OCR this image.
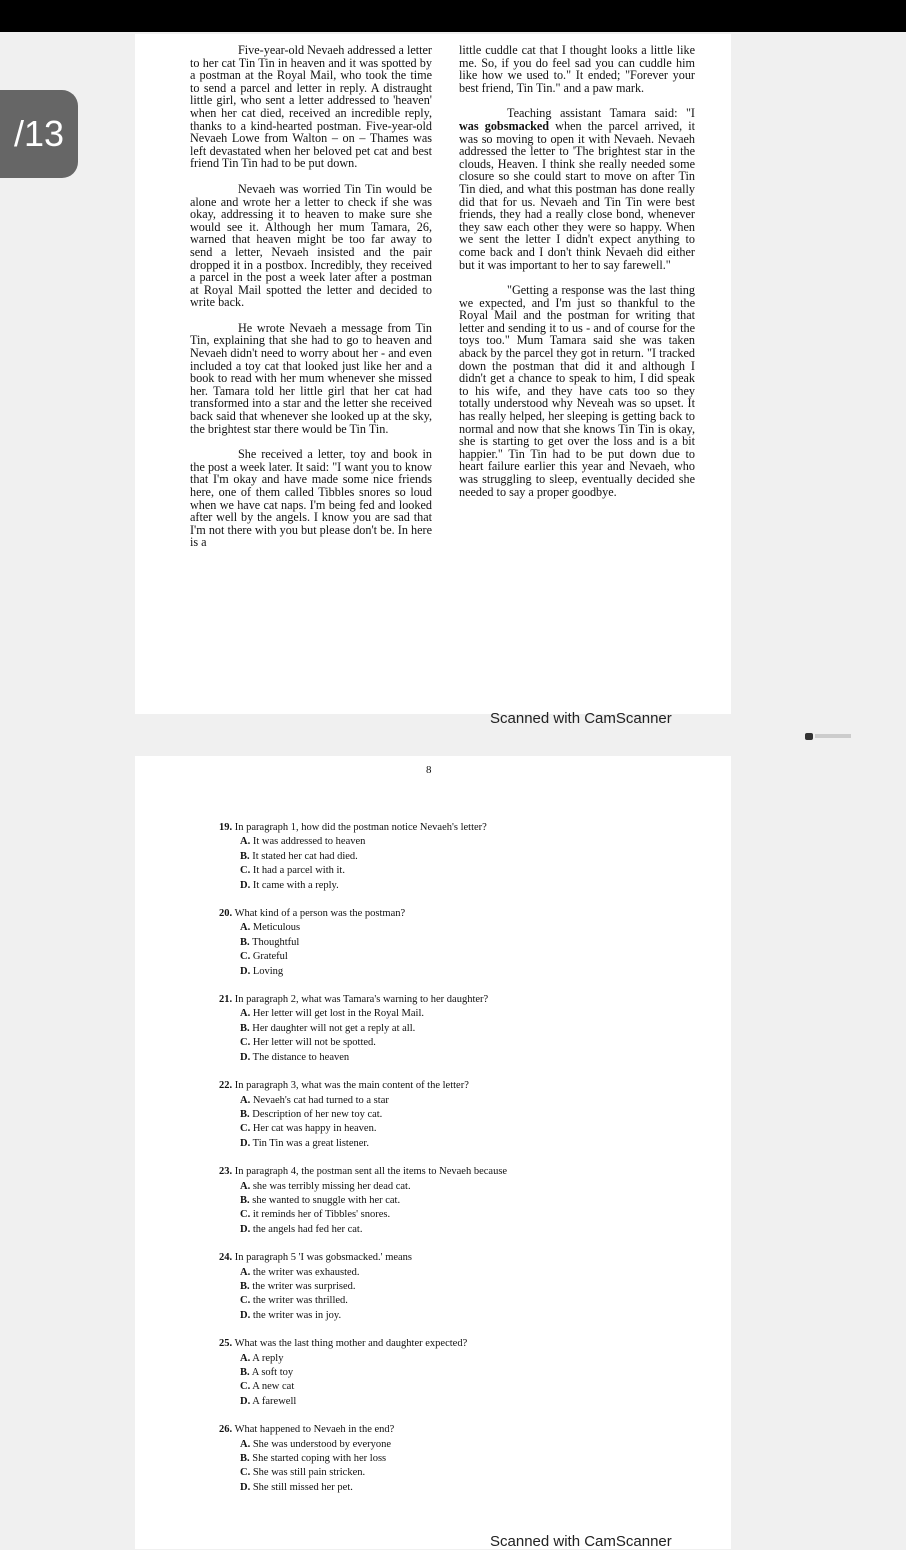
Five-year-old Nevaeh addressed a letter to her cat Tin Tin in heaven and it was spotted by a postman at the Royal Mail, who took the time to send a parcel and letter in reply. A distraught little girl, who sent a letter addressed to 'heaven' when her cat died, received an incredible reply, thanks to a kind-hearted postman. Five-year-old Nevaeh Lowe from Walton – on – Thames was left devastated when her beloved pet cat and best friend Tin Tin had to be put down.

Nevaeh was worried Tin Tin would be alone and wrote her a letter to check if she was okay, addressing it to heaven to make sure she would see it. Although her mum Tamara, 26, warned that heaven might be too far away to send a letter, Nevaeh insisted and the pair dropped it in a postbox. Incredibly, they received a parcel in the post a week later after a postman at Royal Mail spotted the letter and decided to write back.

He wrote Nevaeh a message from Tin Tin, explaining that she had to go to heaven and Nevaeh didn't need to worry about her - and even included a toy cat that looked just like her and a book to read with her mum whenever she missed her. Tamara told her little girl that her cat had transformed into a star and the letter she received back said that whenever she looked up at the sky, the brightest star there would be Tin Tin.

She received a letter, toy and book in the post a week later. It said: "I want you to know that I'm okay and have made some nice friends here, one of them called Tibbles snores so loud when we have cat naps. I'm being fed and looked after well by the angels. I know you are sad that I'm not there with you but please don't be. In here is a

little cuddle cat that I thought looks a little like me. So, if you do feel sad you can cuddle him like how we used to." It ended; "Forever your best friend, Tin Tin." and a paw mark.

Teaching assistant Tamara said: "I was gobsmacked when the parcel arrived, it was so moving to open it with Nevaeh. Nevaeh addressed the letter to 'The brightest star in the clouds, Heaven. I think she really needed some closure so she could start to move on after Tin Tin died, and what this postman has done really did that for us. Nevaeh and Tin Tin were best friends, they had a really close bond, whenever they saw each other they were so happy. When we sent the letter I didn't expect anything to come back and I don't think Nevaeh did either but it was important to her to say farewell."

"Getting a response was the last thing we expected, and I'm just so thankful to the Royal Mail and the postman for writing that letter and sending it to us - and of course for the toys too." Mum Tamara said she was taken aback by the parcel they got in return. "I tracked down the postman that did it and although I didn't get a chance to speak to him, I did speak to his wife, and they have cats too so they totally understood why Neveah was so upset. It has really helped, her sleeping is getting back to normal and now that she knows Tin Tin is okay, she is starting to get over the loss and is a bit happier." Tin Tin had to be put down due to heart failure earlier this year and Nevaeh, who was struggling to sleep, eventually decided she needed to say a proper goodbye.

Scanned with CamScanner
/13
8
19. In paragraph 1, how did the postman notice Nevaeh's letter?
A. It was addressed to heaven
B. It stated her cat had died.
C. It had a parcel with it.
D. It came with a reply.
20. What kind of a person was the postman?
A. Meticulous
B. Thoughtful
C. Grateful
D. Loving
21. In paragraph 2, what was Tamara's warning to her daughter?
A. Her letter will get lost in the Royal Mail.
B. Her daughter will not get a reply at all.
C. Her letter will not be spotted.
D. The distance to heaven
22. In paragraph 3, what was the main content of the letter?
A. Nevaeh's cat had turned to a star
B. Description of her new toy cat.
C. Her cat was happy in heaven.
D. Tin Tin was a great listener.
23. In paragraph 4, the postman sent all the items to Nevaeh because
A. she was terribly missing her dead cat.
B. she wanted to snuggle with her cat.
C. it reminds her of Tibbles' snores.
D. the angels had fed her cat.
24. In paragraph 5 'I was gobsmacked.' means
A. the writer was exhausted.
B. the writer was surprised.
C. the writer was thrilled.
D. the writer was in joy.
25. What was the last thing mother and daughter expected?
A. A reply
B. A soft toy
C. A new cat
D. A farewell
26. What happened to Nevaeh in the end?
A. She was understood by everyone
B. She started coping with her loss
C. She was still pain stricken.
D. She still missed her pet.
Scanned with CamScanner
